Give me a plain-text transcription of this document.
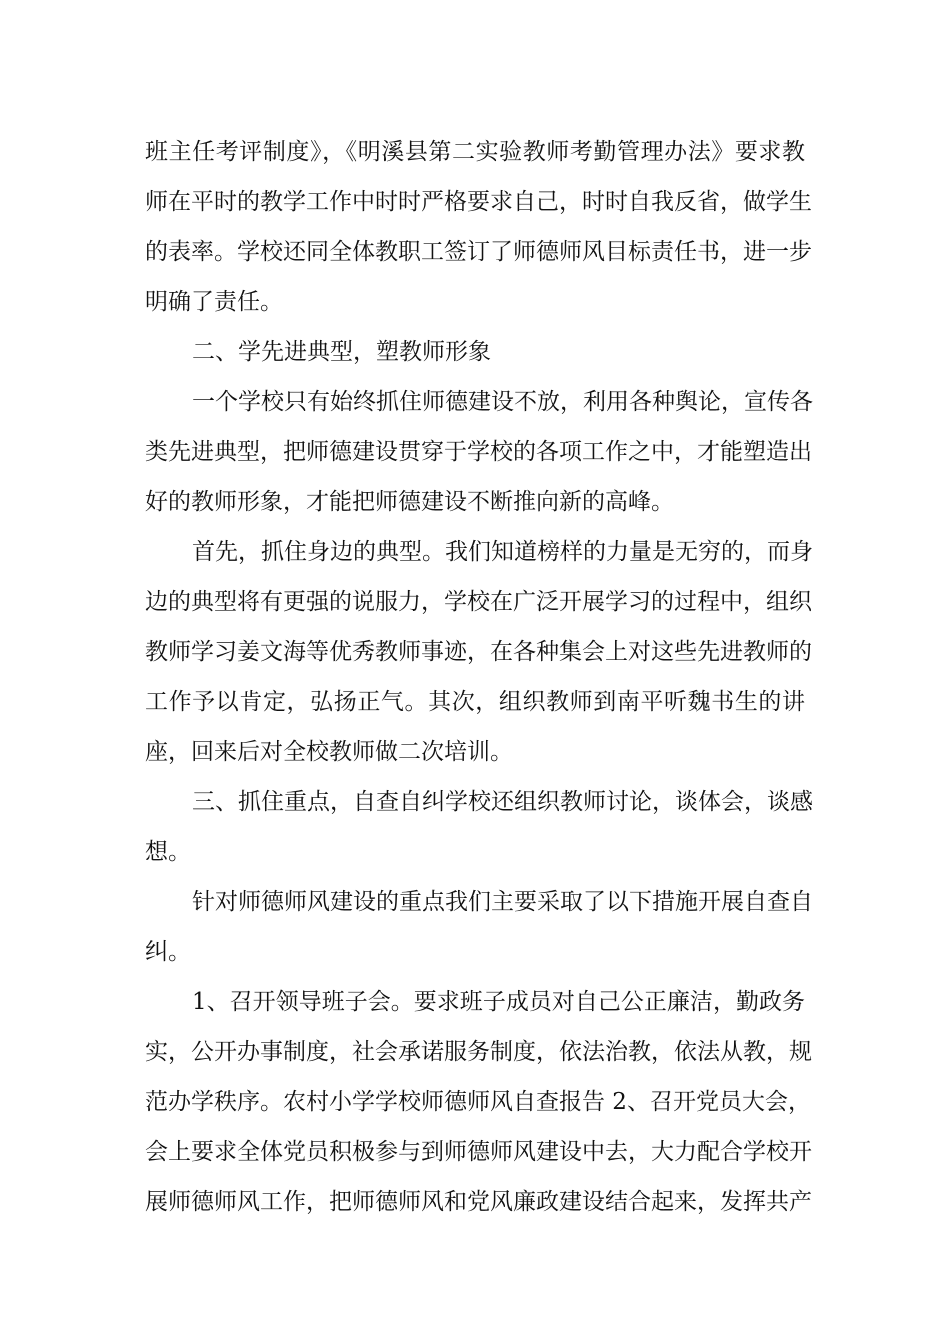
班主任考评制度》，《明溪县第二实验教师考勤管理办法》要求教
师在平时的教学工作中时时严格要求自己，时时自我反省，做学生
的表率。学校还同全体教职工签订了师德师风目标责任书，进一步
明确了责任。
二、学先进典型，塑教师形象
一个学校只有始终抓住师德建设不放，利用各种舆论，宣传各
类先进典型，把师德建设贯穿于学校的各项工作之中，才能塑造出
好的教师形象，才能把师德建设不断推向新的高峰。
首先，抓住身边的典型。我们知道榜样的力量是无穷的，而身
边的典型将有更强的说服力，学校在广泛开展学习的过程中，组织
教师学习姜文海等优秀教师事迹，在各种集会上对这些先进教师的
工作予以肯定，弘扬正气。其次，组织教师到南平听魏书生的讲
座，回来后对全校教师做二次培训。
三、抓住重点，自查自纠学校还组织教师讨论，谈体会，谈感
想。
针对师德师风建设的重点我们主要采取了以下措施开展自查自
纠。
1、召开领导班子会。要求班子成员对自己公正廉洁，勤政务
实，公开办事制度，社会承诺服务制度，依法治教，依法从教，规
范办学秩序。农村小学学校师德师风自查报告 2、召开党员大会，
会上要求全体党员积极参与到师德师风建设中去，大力配合学校开
展师德师风工作，把师德师风和党风廉政建设结合起来，发挥共产
